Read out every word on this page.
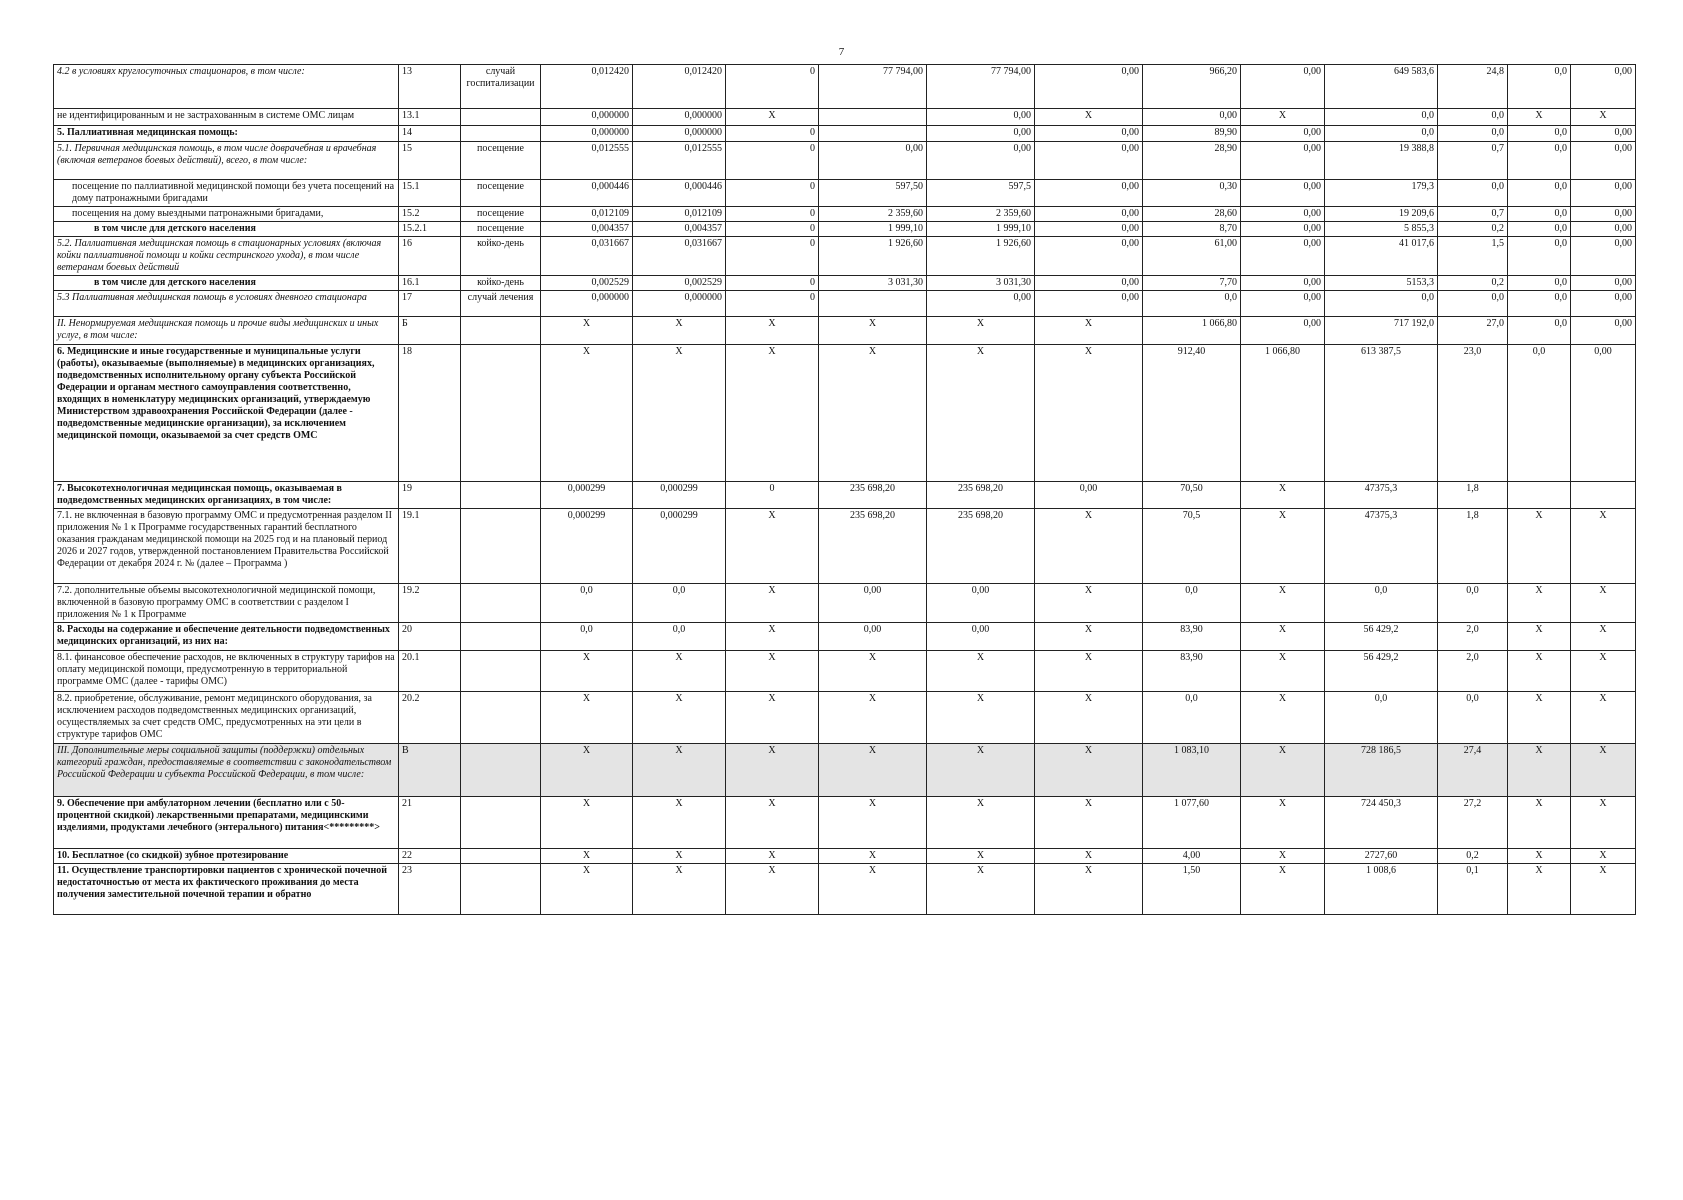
7
4.2 в условиях круглосуточных стационаров, в том числе:	13	случай госпитализации	0,012420	0,012420	0	77 794,00	77 794,00	0,00	966,20	0,00	649 583,6	24,8	0,0	0,00
не идентифицированным и не застрахованным в системе ОМС лицам	13.1		0,000000	0,000000	X		0,00	X	0,00	X	0,0	0,0	X	X
5. Паллиативная медицинская помощь:	14		0,000000	0,000000	0		0,00	0,00	89,90	0,00	0,0	0,0	0,0	0,00
5.1. Первичная медицинская помощь, в том числе доврачебная и врачебная (включая ветеранов боевых действий), всего, в том числе:	15	посещение	0,012555	0,012555	0	0,00	0,00	0,00	28,90	0,00	19 388,8	0,7	0,0	0,00
посещение по паллиативной медицинской помощи без учета посещений на дому патронажными бригадами	15.1	посещение	0,000446	0,000446	0	597,50	597,5	0,00	0,30	0,00	179,3	0,0	0,0	0,00
посещения на дому выездными патронажными бригадами,	15.2	посещение	0,012109	0,012109	0	2 359,60	2 359,60	0,00	28,60	0,00	19 209,6	0,7	0,0	0,00
в том числе для детского населения	15.2.1	посещение	0,004357	0,004357	0	1 999,10	1 999,10	0,00	8,70	0,00	5 855,3	0,2	0,0	0,00
5.2. Паллиативная медицинская помощь в стационарных условиях (включая койки паллиативной помощи и койки сестринского ухода), в том числе ветеранам боевых действий	16	койко-день	0,031667	0,031667	0	1 926,60	1 926,60	0,00	61,00	0,00	41 017,6	1,5	0,0	0,00
в том числе для детского населения	16.1	койко-день	0,002529	0,002529	0	3 031,30	3 031,30	0,00	7,70	0,00	5153,3	0,2	0,0	0,00
5.3 Паллиативная медицинская помощь в условиях дневного стационара	17	случай лечения	0,000000	0,000000	0		0,00	0,00	0,0	0,00	0,0	0,0	0,0	0,00
II. Ненормируемая медицинская помощь и прочие виды медицинских и иных услуг, в том числе:	Б		X	X	X	X	X	X	1 066,80	0,00	717 192,0	27,0	0,0	0,00
6. Медицинские и иные государственные и муниципальные услуги (работы), оказываемые (выполняемые) в медицинских организациях, подведомственных исполнительному органу субъекта Российской Федерации и органам местного самоуправления соответственно, входящих в номенклатуру медицинских организаций, утверждаемую Министерством здравоохранения Российской Федерации (далее - подведомственные медицинские организации), за исключением медицинской помощи, оказываемой за счет средств ОМС	18		X	X	X	X	X	X	912,40	1 066,80	613 387,5	23,0	0,0	0,00
7. Высокотехнологичная медицинская помощь, оказываемая в подведомственных медицинских организациях, в том числе:	19		0,000299	0,000299	0	235 698,20	235 698,20	0,00	70,50	X	47375,3	1,8		
7.1. не включенная в базовую программу ОМС и предусмотренная разделом II приложения № 1 к Программе государственных гарантий бесплатного оказания гражданам медицинской помощи на 2025 год и на плановый период 2026 и 2027 годов, утвержденной постановлением Правительства Российской Федерации от декабря 2024 г. № (далее – Программа )	19.1		0,000299	0,000299	X	235 698,20	235 698,20	X	70,5	X	47375,3	1,8	X	X
7.2. дополнительные объемы высокотехнологичной медицинской помощи, включенной в базовую программу ОМС в соответствии с разделом I приложения № 1 к Программе	19.2		0,0	0,0	X	0,00	0,00	X	0,0	X	0,0	0,0	X	X
8. Расходы на содержание и обеспечение деятельности подведомственных медицинских организаций, из них на:	20		0,0	0,0	X	0,00	0,00	X	83,90	X	56 429,2	2,0	X	X
8.1. финансовое обеспечение расходов, не включенных в структуру тарифов на оплату медицинской помощи, предусмотренную в территориальной программе ОМС (далее - тарифы ОМС)	20.1		X	X	X	X	X	X	83,90	X	56 429,2	2,0	X	X
8.2. приобретение, обслуживание, ремонт медицинского оборудования, за исключением расходов подведомственных медицинских организаций, осуществляемых за счет средств ОМС, предусмотренных на эти цели в структуре тарифов ОМС	20.2		X	X	X	X	X	X	0,0	X	0,0	0,0	X	X
III. Дополнительные меры социальной защиты (поддержки) отдельных категорий граждан, предоставляемые в соответствии с законодательством Российской Федерации и субъекта Российской Федерации, в том числе:	В		X	X	X	X	X	X	1 083,10	X	728 186,5	27,4	X	X
9. Обеспечение при амбулаторном лечении (бесплатно или с 50-процентной скидкой) лекарственными препаратами, медицинскими изделиями, продуктами лечебного (энтерального) питания<*********>	21		X	X	X	X	X	X	1 077,60	X	724 450,3	27,2	X	X
10. Бесплатное (со скидкой) зубное протезирование	22		X	X	X	X	X	X	4,00	X	2727,60	0,2	X	X
11. Осуществление транспортировки пациентов с хронической почечной недостаточностью от места их фактического проживания до места получения заместительной почечной терапии и обратно	23		X	X	X	X	X	X	1,50	X	1 008,6	0,1	X	X
